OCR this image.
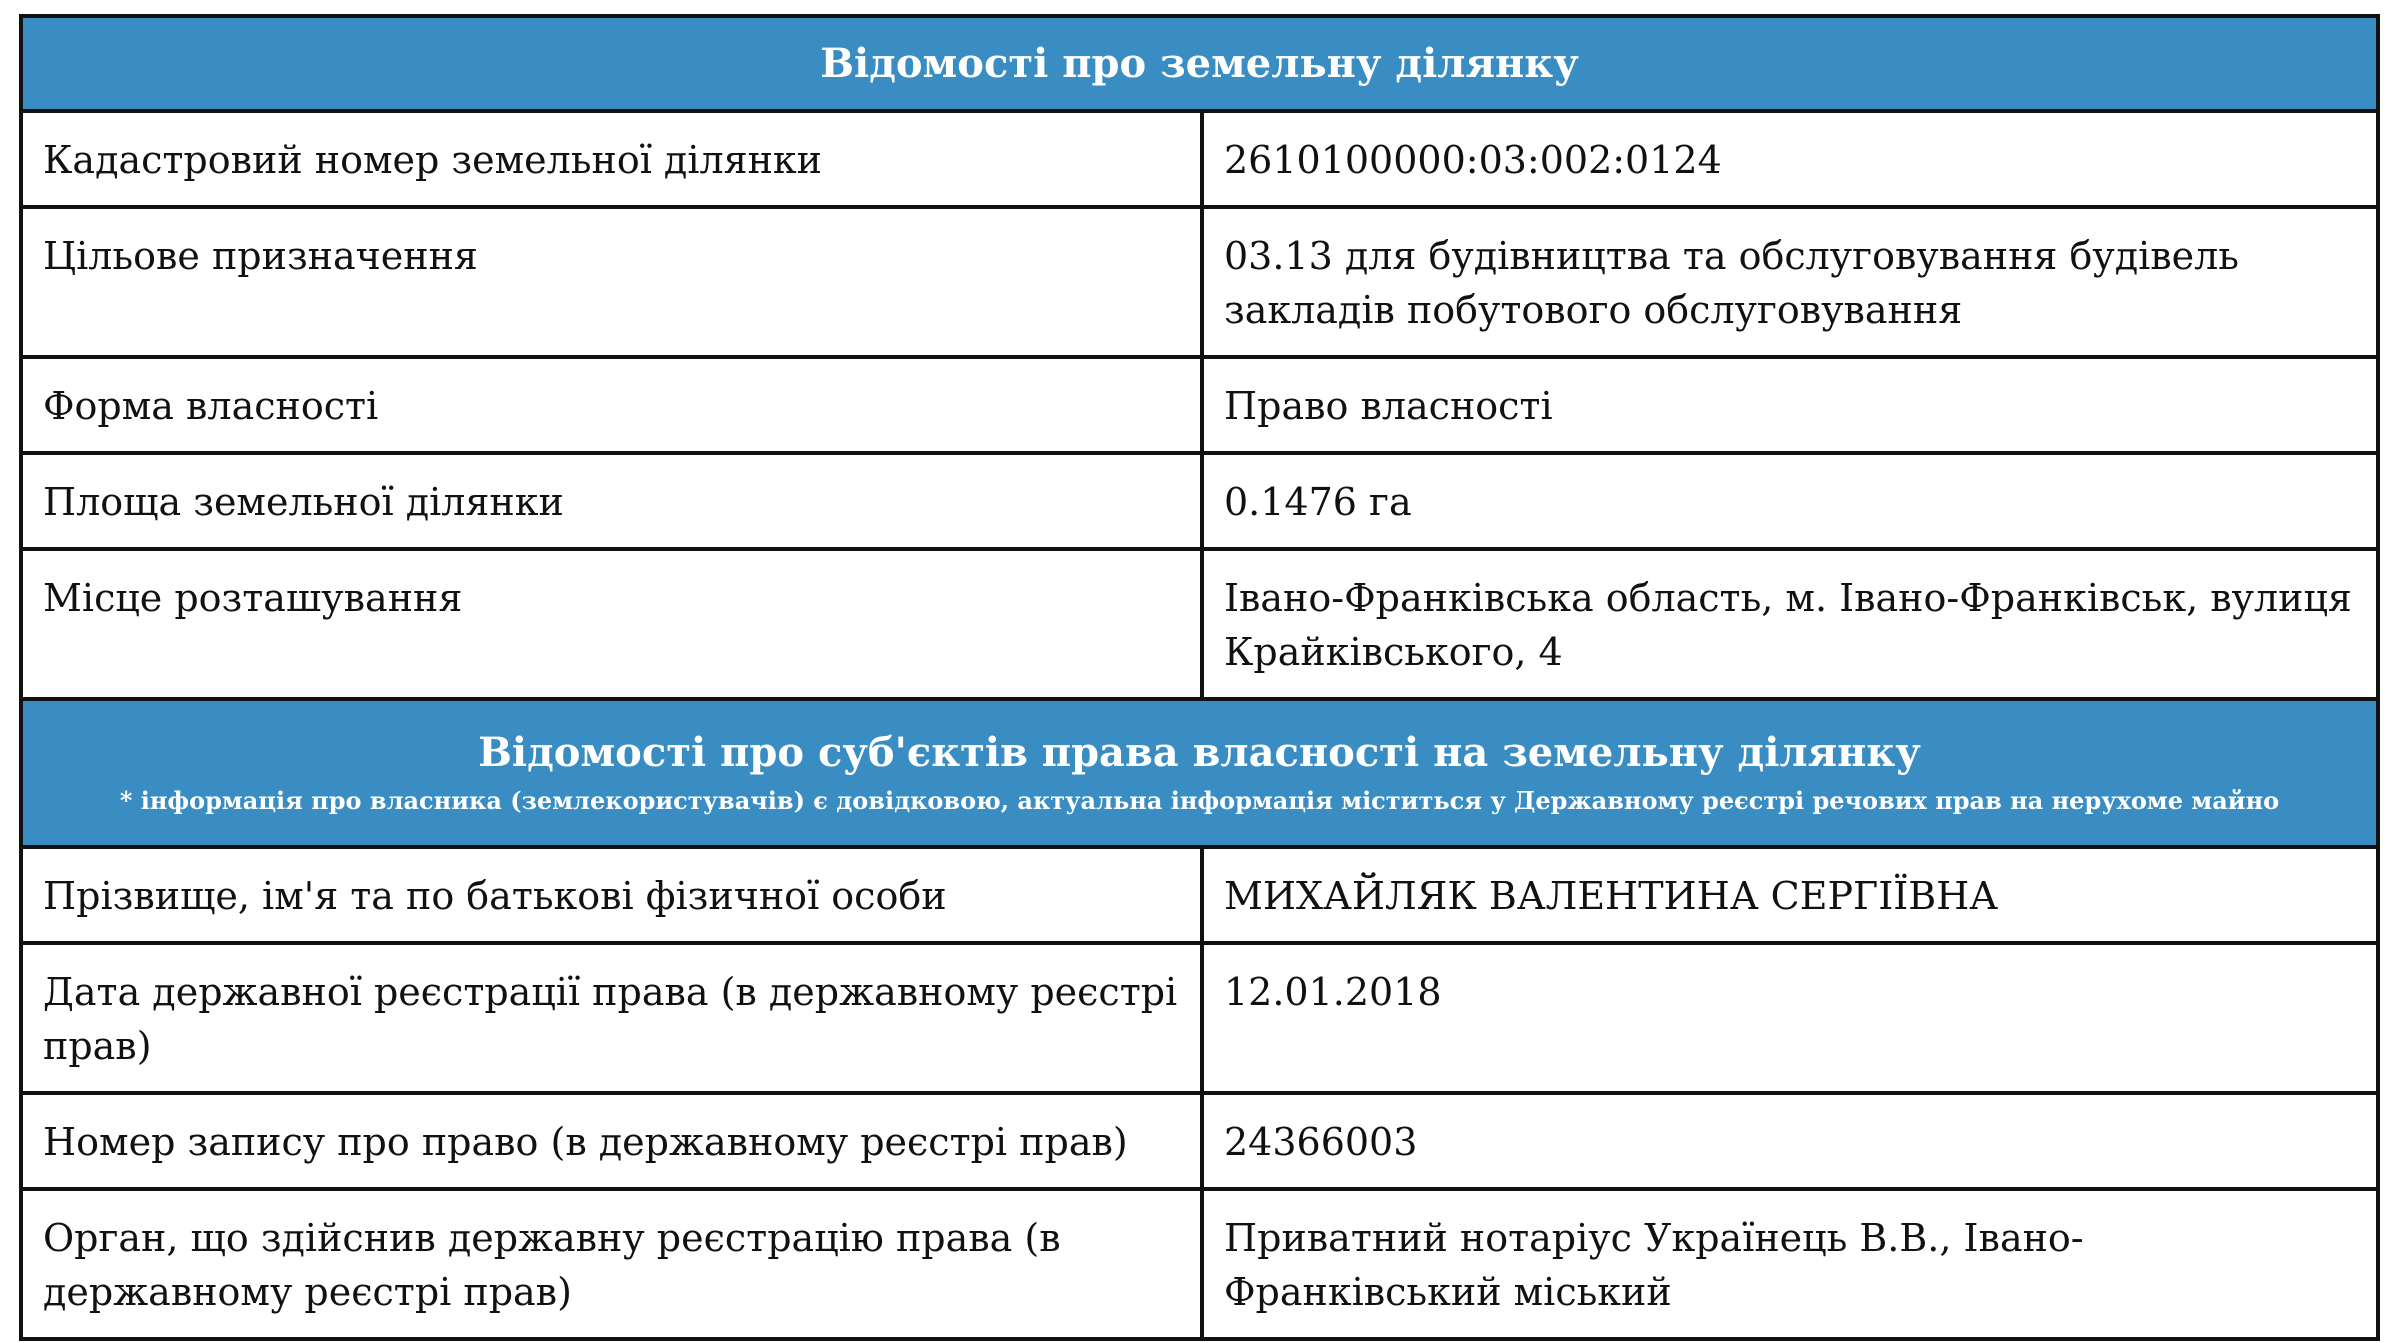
Відомості про земельну ділянку	

Кадастровий номер земельної ділянки	2610100000:03:002:0124

Цільове призначення	03.13 для будівництва та обслуговування будівель закладів побутового обслуговування

Форма власності	Право власності

Площа земельної ділянки	0.1476 га

Місце розташування	Івано-Франківська область, м. Івано-Франківськ, вулиця Крайківського, 4

Відомості про суб'єктів права власності на земельну ділянку
* інформація про власника (землекористувачів) є довідковою, актуальна інформація міститься у Державному реєстрі речових прав на нерухоме майно	

Прізвище, ім'я та по батькові фізичної особи	МИХАЙЛЯК ВАЛЕНТИНА СЕРГІЇВНА

Дата державної реєстрації права (в державному реєстрі прав)	12.01.2018

Номер запису про право (в державному реєстрі прав)	24366003

Орган, що здійснив державну реєстрацію права (в державному реєстрі прав)	Приватний нотаріус Українець В.В., Івано-Франківський міський
